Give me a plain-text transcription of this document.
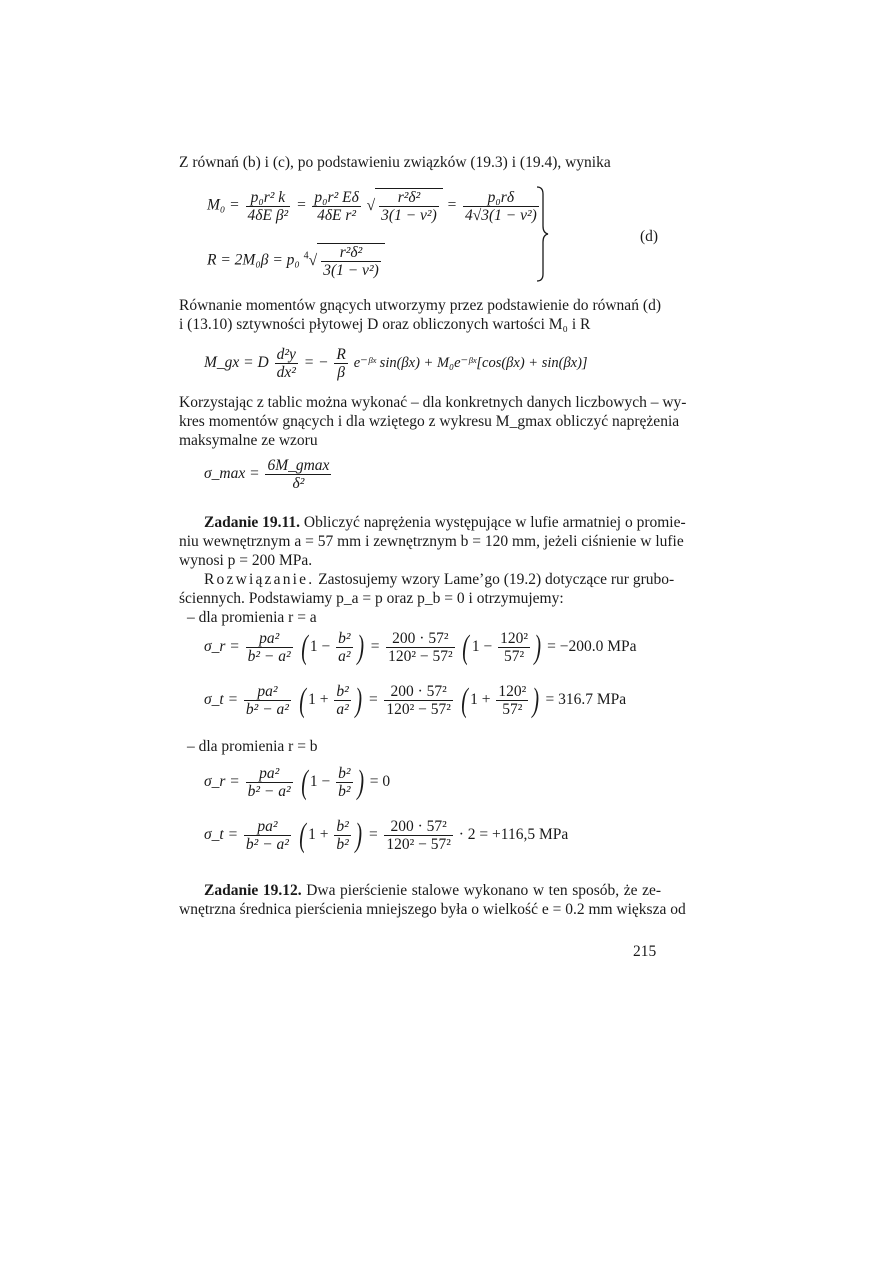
Z równań (b) i (c), po podstawieniu związków (19.3) i (19.4), wynika
$M_0 = \frac{\text{p₀r² k}}{\text{4δE β²}} = \frac{\text{p₀r² Eδ}}{\text{4δE r²}}$ √ $\frac{\text{r²δ²}}{\text{3(1 − ν²)}} = \frac{\text{p₀rδ}}{\text{4√3(1 − ν²)}}$
R = 2M₀β = p₀ $^4√ \frac{\text{r²δ²}}{\text{3(1 − ν²)}}$
(d)
Równanie momentów gnących utworzymy przez podstawienie do równań (d)
i (13.10) sztywności płytowej D oraz obliczonych wartości M₀ i R
M_gx = D $\frac{\text{d²y}}{\text{dx²}}$ = − $\frac{R}{\beta}$ e⁻ᵝˣ sin(βx) + M₀e⁻ᵝˣ[cos(βx) + sin(βx)]
Korzystając z tablic można wykonać – dla konkretnych danych liczbowych – wy-
kres momentów gnących i dla wziętego z wykresu M_gmax obliczyć naprężenia
maksymalne ze wzoru
σ_max = $\frac{6M\_gmax}{\text{δ²}}$
Zadanie 19.11. Obliczyć naprężenia występujące w lufie armatniej o promie-
niu wewnętrznym a = 57 mm i zewnętrznym b = 120 mm, jeżeli ciśnienie w lufie
wynosi p = 200 MPa.
Rozwiązanie. Zastosujemy wzory Lame’go (19.2) dotyczące rur grubo-
ściennych. Podstawiamy p_a = p oraz p_b = 0 i otrzymujemy:
– dla promienia r = a
σ_r = $\frac{\text{pa²}}{\text{b² − a²}}$ ( $1 - \frac{\text{b²}}{\text{a²}}$ ) = $\frac{\text{200 · 57²}}{\text{120² − 57²}}$ ( $1 - \frac{\text{120²}}{\text{57²}}$ ) = −200.0 MPa
σ_t = $\frac{\text{pa²}}{\text{b² − a²}}$ ( $1 + \frac{\text{b²}}{\text{a²}}$ ) = $\frac{\text{200 · 57²}}{\text{120² − 57²}}$ ( $1 + \frac{\text{120²}}{\text{57²}}$ ) = 316.7 MPa
– dla promienia r = b
σ_r = $\frac{\text{pa²}}{\text{b² − a²}}$ ( $1 - \frac{\text{b²}}{\text{b²}}$ ) = 0
σ_t = $\frac{\text{pa²}}{\text{b² − a²}}$ ( $1 + \frac{\text{b²}}{\text{b²}}$ ) = $\frac{\text{200 · 57²}}{\text{120² − 57²}} \cdot 2 = +116,5$ MPa
Zadanie 19.12. Dwa pierścienie stalowe wykonano w ten sposób, że ze-
wnętrzna średnica pierścienia mniejszego była o wielkość e = 0.2 mm większa od
215
